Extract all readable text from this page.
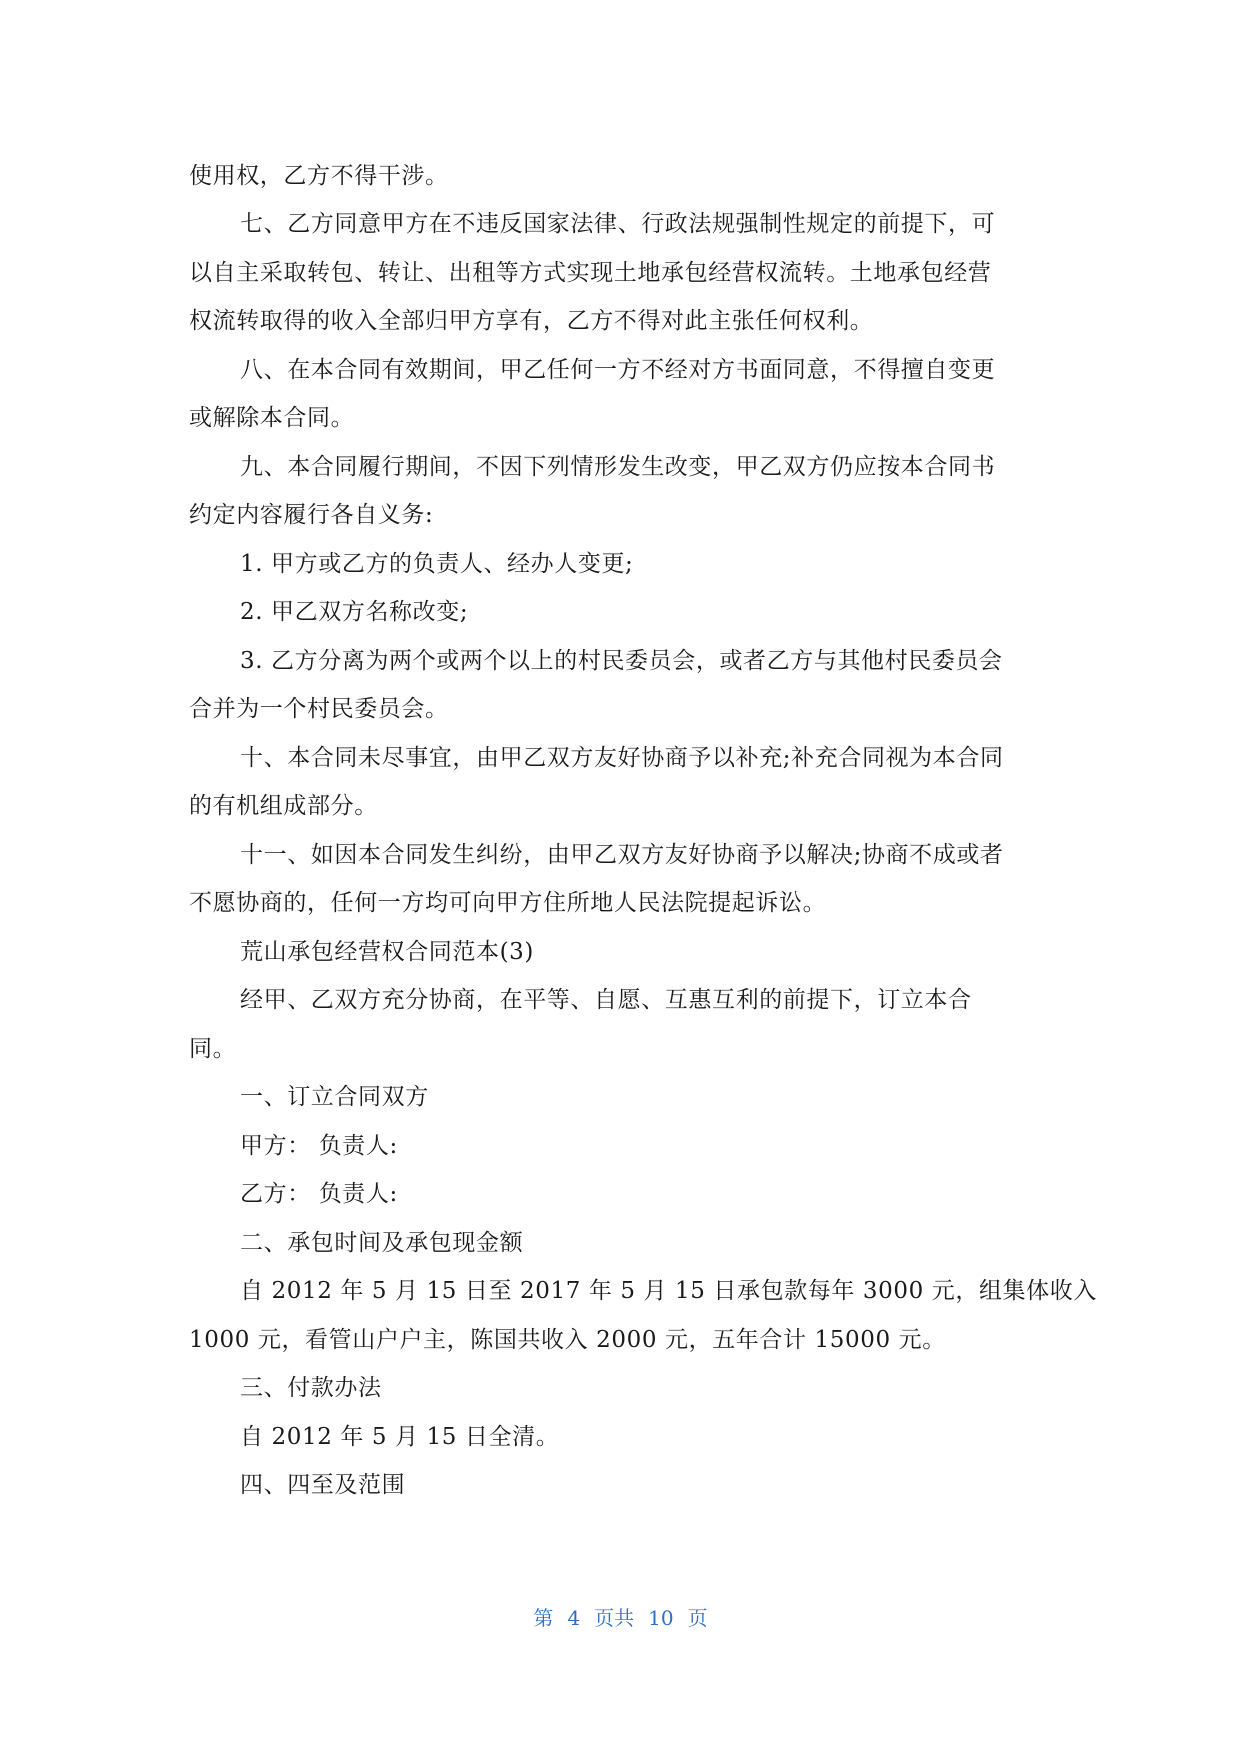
使用权，乙方不得干涉。
七、乙方同意甲方在不违反国家法律、行政法规强制性规定的前提下，可
以自主采取转包、转让、出租等方式实现土地承包经营权流转。土地承包经营
权流转取得的收入全部归甲方享有，乙方不得对此主张任何权利。
八、在本合同有效期间，甲乙任何一方不经对方书面同意，不得擅自变更
或解除本合同。
九、本合同履行期间，不因下列情形发生改变，甲乙双方仍应按本合同书
约定内容履行各自义务:
1. 甲方或乙方的负责人、经办人变更;
2. 甲乙双方名称改变;
3. 乙方分离为两个或两个以上的村民委员会，或者乙方与其他村民委员会
合并为一个村民委员会。
十、本合同未尽事宜，由甲乙双方友好协商予以补充;补充合同视为本合同
的有机组成部分。
十一、如因本合同发生纠纷，由甲乙双方友好协商予以解决;协商不成或者
不愿协商的，任何一方均可向甲方住所地人民法院提起诉讼。
荒山承包经营权合同范本(3)
经甲、乙双方充分协商，在平等、自愿、互惠互利的前提下，订立本合
同。
一、订立合同双方
甲方： 负责人:
乙方： 负责人:
二、承包时间及承包现金额
自 2012 年 5 月 15 日至 2017 年 5 月 15 日承包款每年 3000 元，组集体收入
1000 元，看管山户户主，陈国共收入 2000 元，五年合计 15000 元。
三、付款办法
自 2012 年 5 月 15 日全清。
四、四至及范围
第 4 页共 10 页
